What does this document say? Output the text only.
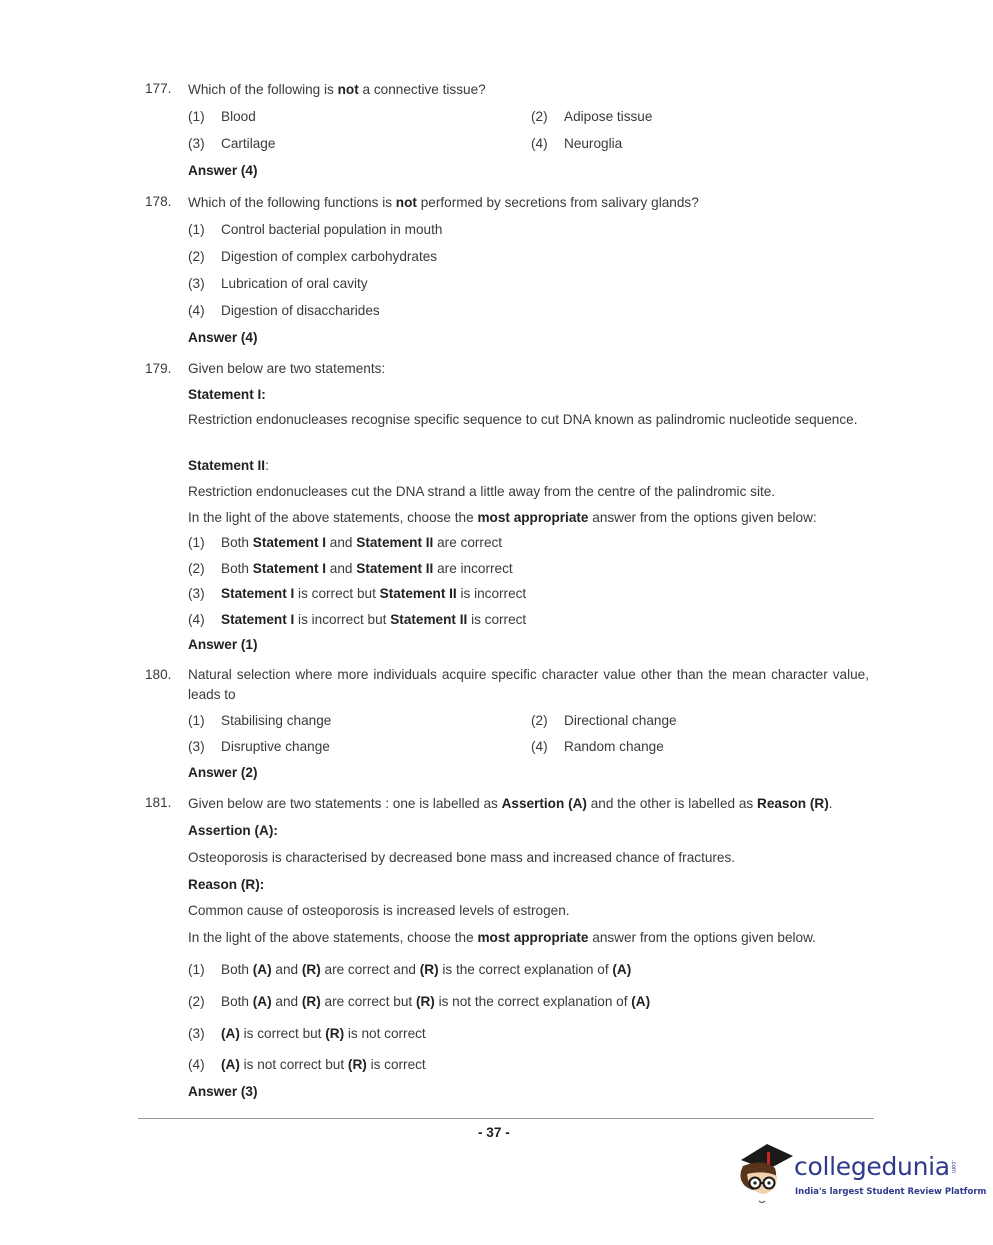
177. Which of the following is not a connective tissue?
(1) Blood	(2) Adipose tissue
(3) Cartilage	(4) Neuroglia
Answer (4)
178. Which of the following functions is not performed by secretions from salivary glands?
(1) Control bacterial population in mouth
(2) Digestion of complex carbohydrates
(3) Lubrication of oral cavity
(4) Digestion of disaccharides
Answer (4)
179. Given below are two statements:
Statement I:
Restriction endonucleases recognise specific sequence to cut DNA known as palindromic nucleotide sequence.
Statement II:
Restriction endonucleases cut the DNA strand a little away from the centre of the palindromic site.
In the light of the above statements, choose the most appropriate answer from the options given below:
(1) Both Statement I and Statement II are correct
(2) Both Statement I and Statement II are incorrect
(3) Statement I is correct but Statement II is incorrect
(4) Statement I is incorrect but Statement II is correct
Answer (1)
180. Natural selection where more individuals acquire specific character value other than the mean character value, leads to
(1) Stabilising change	(2) Directional change
(3) Disruptive change	(4) Random change
Answer (2)
181. Given below are two statements : one is labelled as Assertion (A) and the other is labelled as Reason (R).
Assertion (A):
Osteoporosis is characterised by decreased bone mass and increased chance of fractures.
Reason (R):
Common cause of osteoporosis is increased levels of estrogen.
In the light of the above statements, choose the most appropriate answer from the options given below.
(1) Both (A) and (R) are correct and (R) is the correct explanation of (A)
(2) Both (A) and (R) are correct but (R) is not the correct explanation of (A)
(3) (A) is correct but (R) is not correct
(4) (A) is not correct but (R) is correct
Answer (3)
- 37 -
collegedunia .com
India's largest Student Review Platform
